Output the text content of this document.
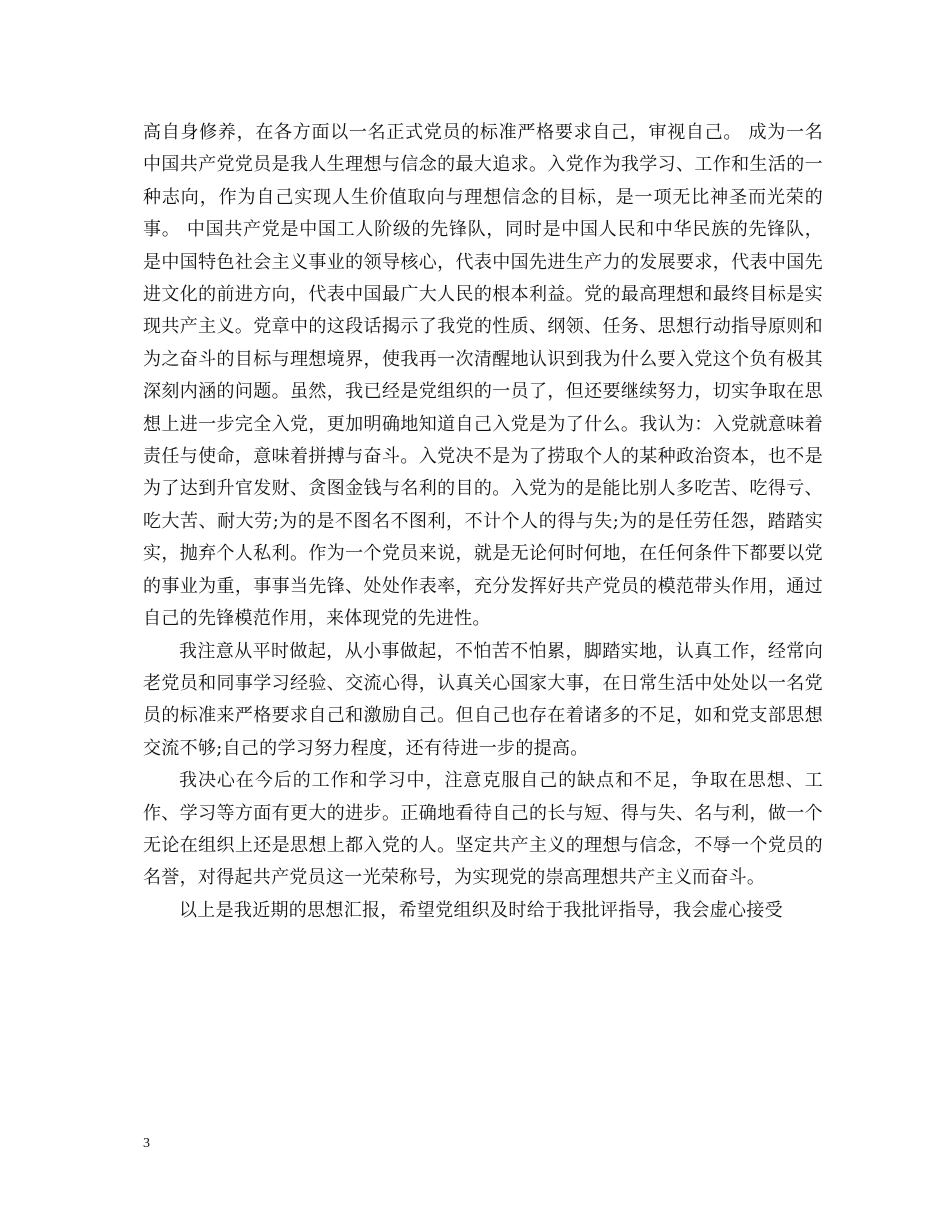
高自身修养，在各方面以一名正式党员的标准严格要求自己，审视自己。 成为一名中国共产党党员是我人生理想与信念的最大追求。入党作为我学习、工作和生活的一种志向，作为自己实现人生价值取向与理想信念的目标，是一项无比神圣而光荣的事。 中国共产党是中国工人阶级的先锋队，同时是中国人民和中华民族的先锋队，是中国特色社会主义事业的领导核心，代表中国先进生产力的发展要求，代表中国先进文化的前进方向，代表中国最广大人民的根本利益。党的最高理想和最终目标是实现共产主义。党章中的这段话揭示了我党的性质、纲领、任务、思想行动指导原则和为之奋斗的目标与理想境界，使我再一次清醒地认识到我为什么要入党这个负有极其深刻内涵的问题。虽然，我已经是党组织的一员了，但还要继续努力，切实争取在思想上进一步完全入党，更加明确地知道自己入党是为了什么。我认为：入党就意味着责任与使命，意味着拼搏与奋斗。入党决不是为了捞取个人的某种政治资本，也不是为了达到升官发财、贪图金钱与名利的目的。入党为的是能比别人多吃苦、吃得亏、吃大苦、耐大劳;为的是不图名不图利，不计个人的得与失;为的是任劳任怨，踏踏实实，抛弃个人私利。作为一个党员来说，就是无论何时何地，在任何条件下都要以党的事业为重，事事当先锋、处处作表率，充分发挥好共产党员的模范带头作用，通过自己的先锋模范作用，来体现党的先进性。

我注意从平时做起，从小事做起，不怕苦不怕累，脚踏实地，认真工作，经常向老党员和同事学习经验、交流心得，认真关心国家大事，在日常生活中处处以一名党员的标准来严格要求自己和激励自己。但自己也存在着诸多的不足，如和党支部思想交流不够;自己的学习努力程度，还有待进一步的提高。

我决心在今后的工作和学习中，注意克服自己的缺点和不足，争取在思想、工作、学习等方面有更大的进步。正确地看待自己的长与短、得与失、名与利，做一个无论在组织上还是思想上都入党的人。坚定共产主义的理想与信念，不辱一个党员的名誉，对得起共产党员这一光荣称号，为实现党的崇高理想共产主义而奋斗。

以上是我近期的思想汇报，希望党组织及时给于我批评指导，我会虚心接受

3
